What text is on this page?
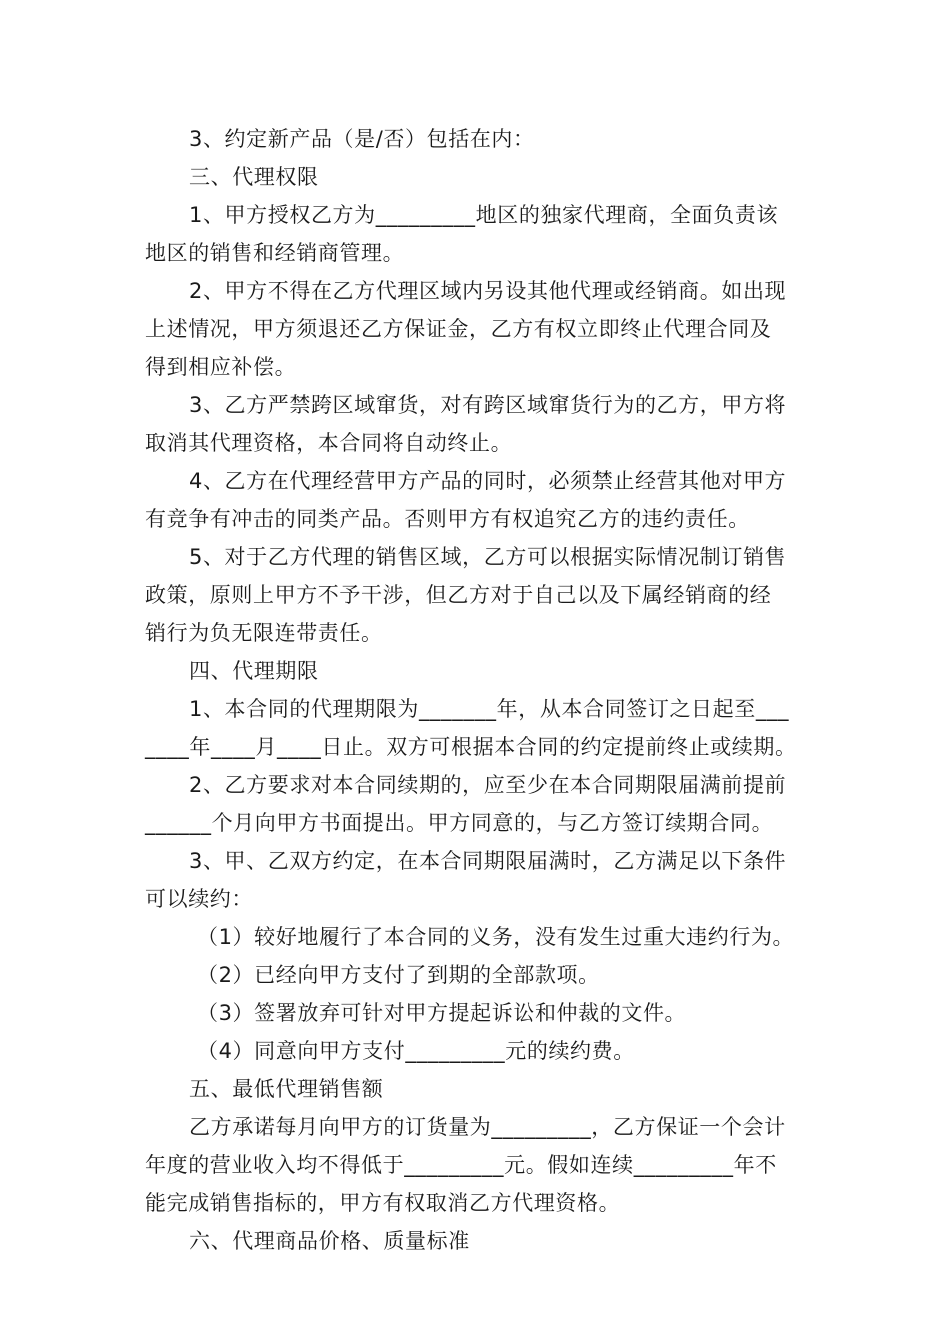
3、约定新产品（是/否）包括在内：
三、代理权限
1、甲方授权乙方为_________地区的独家代理商，全面负责该
地区的销售和经销商管理。
2、甲方不得在乙方代理区域内另设其他代理或经销商。如出现
上述情况，甲方须退还乙方保证金，乙方有权立即终止代理合同及
得到相应补偿。
3、乙方严禁跨区域窜货，对有跨区域窜货行为的乙方，甲方将
取消其代理资格，本合同将自动终止。
4、乙方在代理经营甲方产品的同时，必须禁止经营其他对甲方
有竞争有冲击的同类产品。否则甲方有权追究乙方的违约责任。
5、对于乙方代理的销售区域，乙方可以根据实际情况制订销售
政策，原则上甲方不予干涉，但乙方对于自己以及下属经销商的经
销行为负无限连带责任。
四、代理期限
1、本合同的代理期限为_______年，从本合同签订之日起至___
____年____月____日止。双方可根据本合同的约定提前终止或续期。
2、乙方要求对本合同续期的，应至少在本合同期限届满前提前
______个月向甲方书面提出。甲方同意的，与乙方签订续期合同。
3、甲、乙双方约定，在本合同期限届满时，乙方满足以下条件
可以续约：
（1）较好地履行了本合同的义务，没有发生过重大违约行为。
（2）已经向甲方支付了到期的全部款项。
（3）签署放弃可针对甲方提起诉讼和仲裁的文件。
（4）同意向甲方支付_________元的续约费。
五、最低代理销售额
乙方承诺每月向甲方的订货量为_________，乙方保证一个会计
年度的营业收入均不得低于_________元。假如连续_________年不
能完成销售指标的，甲方有权取消乙方代理资格。
六、代理商品价格、质量标准
